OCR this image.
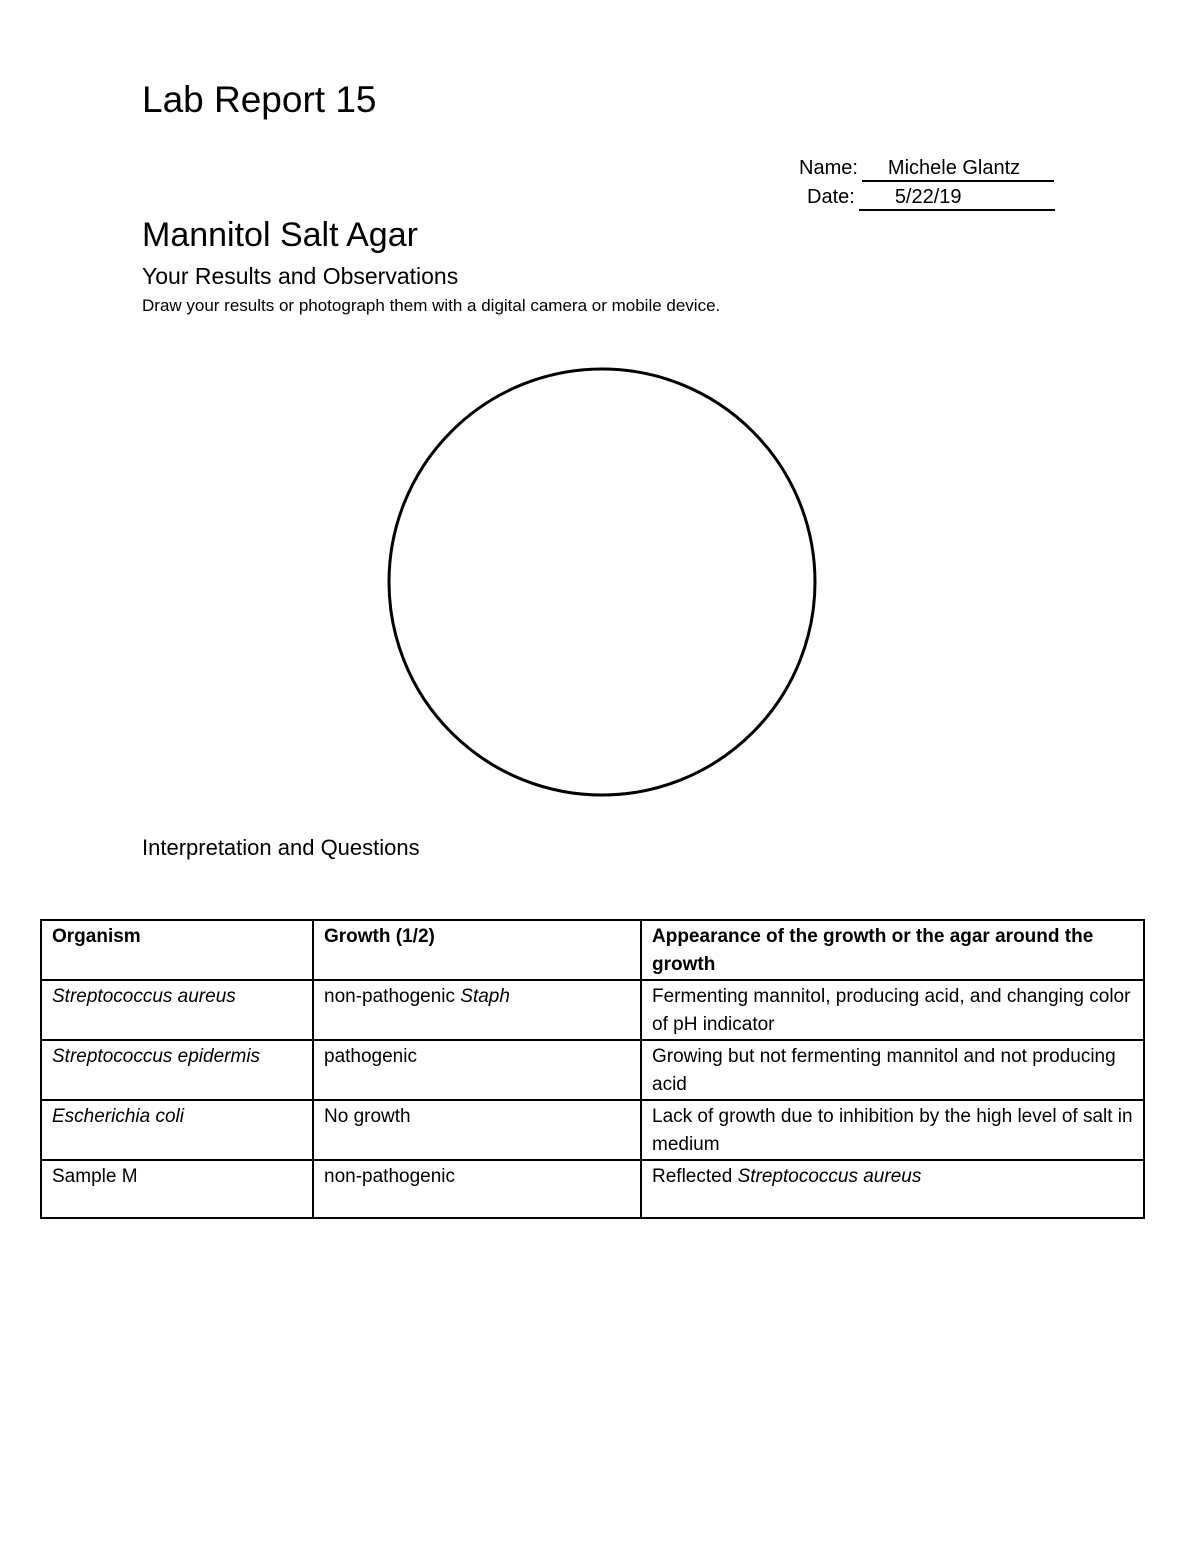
Lab Report 15
Name: Michele Glantz
Date: 5/22/19
Mannitol Salt Agar
Your Results and Observations
Draw your results or photograph them with a digital camera or mobile device.
Interpretation and Questions
Organism	Growth (1/2)	Appearance of the growth or the agar around the growth
Streptococcus aureus	non-pathogenic Staph	Fermenting mannitol, producing acid, and changing color of pH indicator
Streptococcus epidermis	pathogenic	Growing but not fermenting mannitol and not producing acid
Escherichia coli	No growth	Lack of growth due to inhibition by the high level of salt in medium
Sample M	non-pathogenic	Reflected Streptococcus aureus
